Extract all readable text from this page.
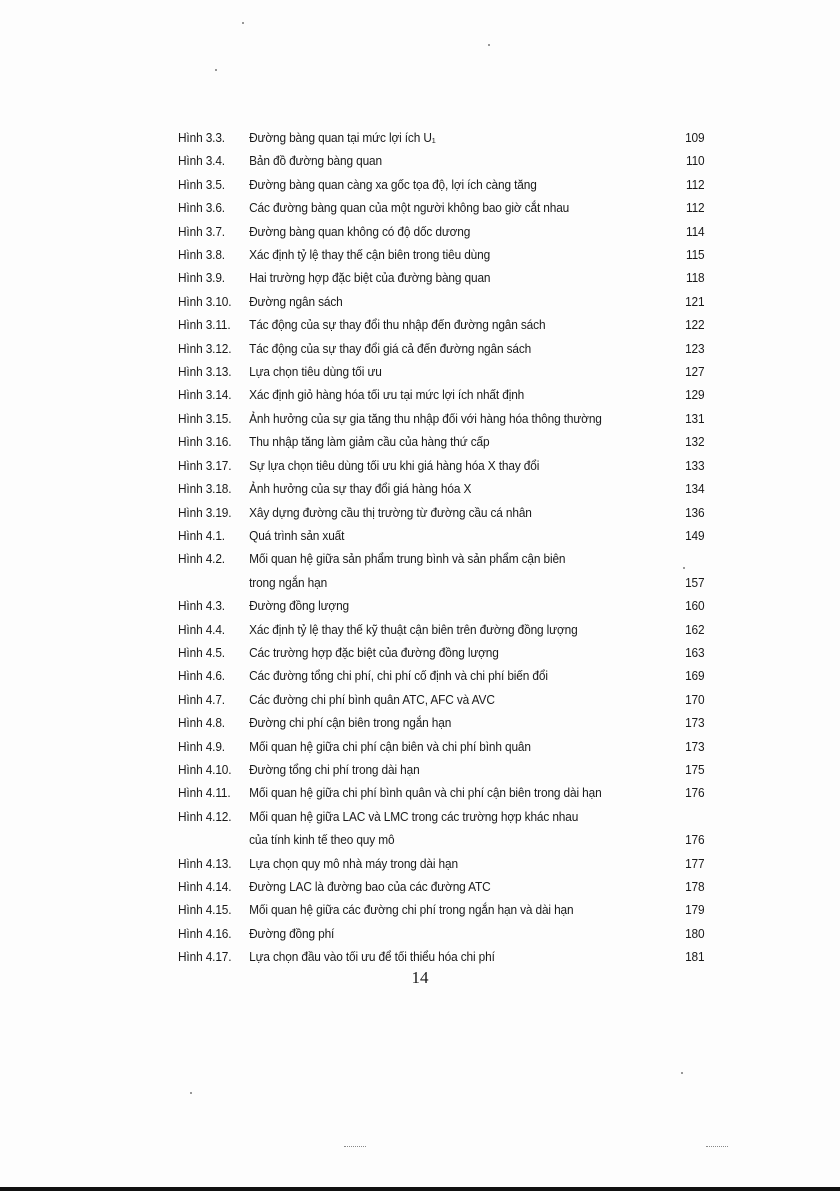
Hình 3.3.	Đường bàng quan tại mức lợi ích U₁	109
Hình 3.4.	Bản đồ đường bàng quan	110
Hình 3.5.	Đường bàng quan càng xa gốc tọa độ, lợi ích càng tăng	112
Hình 3.6.	Các đường bàng quan của một người không bao giờ cắt nhau	112
Hình 3.7.	Đường bàng quan không có độ dốc dương	114
Hình 3.8.	Xác định tỷ lệ thay thế cận biên trong tiêu dùng	115
Hình 3.9.	Hai trường hợp đặc biệt của đường bàng quan	118
Hình 3.10.	Đường ngân sách	121
Hình 3.11.	Tác động của sự thay đổi thu nhập đến đường ngân sách	122
Hình 3.12.	Tác động của sự thay đổi giá cả đến đường ngân sách	123
Hình 3.13.	Lựa chọn tiêu dùng tối ưu	127
Hình 3.14.	Xác định giỏ hàng hóa tối ưu tại mức lợi ích nhất định	129
Hình 3.15.	Ảnh hưởng của sự gia tăng thu nhập đối với hàng hóa thông thường	131
Hình 3.16.	Thu nhập tăng làm giảm cầu của hàng thứ cấp	132
Hình 3.17.	Sự lựa chọn tiêu dùng tối ưu khi giá hàng hóa X thay đổi	133
Hình 3.18.	Ảnh hưởng của sự thay đổi giá hàng hóa X	134
Hình 3.19.	Xây dựng đường cầu thị trường từ đường cầu cá nhân	136
Hình 4.1.	Quá trình sản xuất	149
Hình 4.2.	Mối quan hệ giữa sản phẩm trung bình và sản phẩm cận biên
trong ngắn hạn	157
Hình 4.3.	Đường đồng lượng	160
Hình 4.4.	Xác định tỷ lệ thay thế kỹ thuật cận biên trên đường đồng lượng	162
Hình 4.5.	Các trường hợp đặc biệt của đường đồng lượng	163
Hình 4.6.	Các đường tổng chi phí, chi phí cố định và chi phí biến đổi	169
Hình 4.7.	Các đường chi phí bình quân ATC, AFC và AVC	170
Hình 4.8.	Đường chi phí cận biên trong ngắn hạn	173
Hình 4.9.	Mối quan hệ giữa chi phí cận biên và chi phí bình quân	173
Hình 4.10.	Đường tổng chi phí trong dài hạn	175
Hình 4.11.	Mối quan hệ giữa chi phí bình quân và chi phí cận biên trong dài hạn	176
Hình 4.12.	Mối quan hệ giữa LAC và LMC trong các trường hợp khác nhau
của tính kinh tế theo quy mô	176
Hình 4.13.	Lựa chọn quy mô nhà máy trong dài hạn	177
Hình 4.14.	Đường LAC là đường bao của các đường ATC	178
Hình 4.15.	Mối quan hệ giữa các đường chi phí trong ngắn hạn và dài hạn	179
Hình 4.16.	Đường đồng phí	180
Hình 4.17.	Lựa chọn đầu vào tối ưu để tối thiểu hóa chi phí	181
14
